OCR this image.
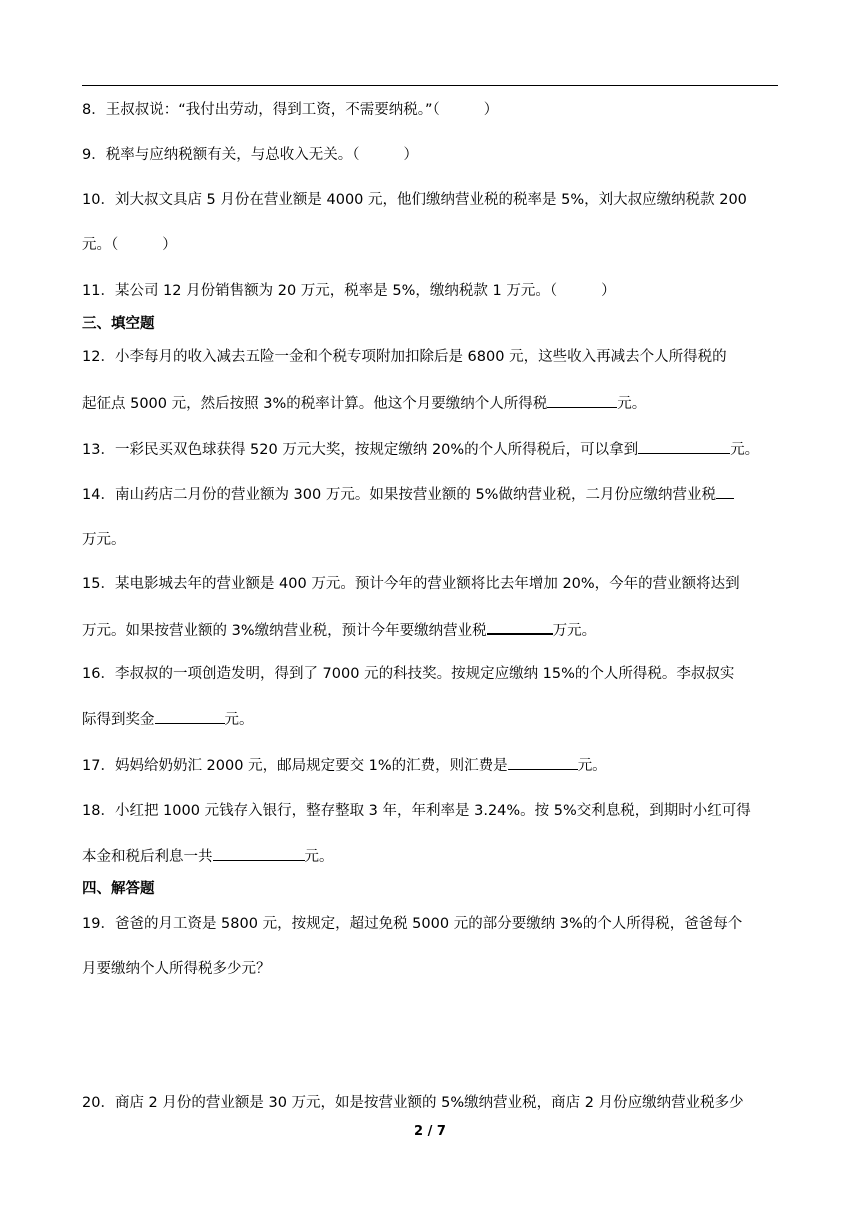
8．王叔叔说：“我付出劳动，得到工资，不需要纳税。”（	）
9．税率与应纳税额有关，与总收入无关。（	）
10．刘大叔文具店 5 月份在营业额是 4000 元，他们缴纳营业税的税率是 5%，刘大叔应缴纳税款 200
元。（	）
11．某公司 12 月份销售额为 20 万元，税率是 5%，缴纳税款 1 万元。（	）
三、填空题
12．小李每月的收入减去五险一金和个税专项附加扣除后是 6800 元，这些收入再减去个人所得税的
起征点 5000 元，然后按照 3%的税率计算。他这个月要缴纳个人所得税	元。
13．一彩民买双色球获得 520 万元大奖，按规定缴纳 20%的个人所得税后，可以拿到	元。
14．南山药店二月份的营业额为 300 万元。如果按营业额的 5%做纳营业税，二月份应缴纳营业税
万元。
15．某电影城去年的营业额是 400 万元。预计今年的营业额将比去年增加 20%，今年的营业额将达到
万元。如果按营业额的 3%缴纳营业税，预计今年要缴纳营业税	万元。
16．李叔叔的一项创造发明，得到了 7000 元的科技奖。按规定应缴纳 15%的个人所得税。李叔叔实
际得到奖金	元。
17．妈妈给奶奶汇 2000 元，邮局规定要交 1%的汇费，则汇费是	元。
18．小红把 1000 元钱存入银行，整存整取 3 年，年利率是 3.24%。按 5%交利息税，到期时小红可得
本金和税后利息一共	元。
四、解答题
19．爸爸的月工资是 5800 元，按规定，超过免税 5000 元的部分要缴纳 3%的个人所得税，爸爸每个
月要缴纳个人所得税多少元？
20．商店 2 月份的营业额是 30 万元，如是按营业额的 5%缴纳营业税，商店 2 月份应缴纳营业税多少
2 / 7
